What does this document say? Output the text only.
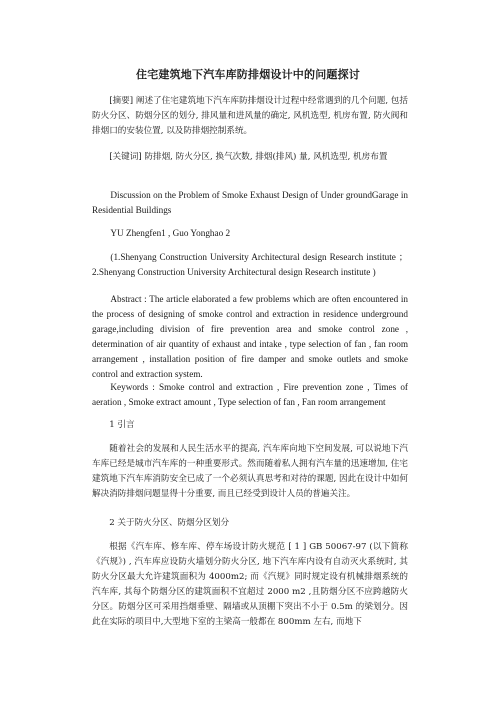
住宅建筑地下汽车库防排烟设计中的问题探讨

[摘要] 阐述了住宅建筑地下汽车库防排烟设计过程中经常遇到的几个问题, 包括防火分区、防烟分区的划分, 排风量和进风量的确定, 风机选型, 机房布置, 防火阀和排烟口的安装位置, 以及防排烟控制系统。

[关键词] 防排烟, 防火分区, 换气次数, 排烟(排风) 量, 风机选型, 机房布置

Discussion on the Problem of Smoke Exhaust Design of Under groundGarage in Residential Buildings

YU Zhengfen1 , Guo Yonghao 2

(1.Shenyang Construction University Architectural design Research institute ；2.Shenyang Construction University Architectural design Research institute )

Abstract : The article elaborated a few problems which are often encountered in the process of designing of smoke control and extraction in residence underground garage,including division of fire prevention area and smoke control zone , determination of air quantity of exhaust and intake , type selection of fan , fan room arrangement , installation position of fire damper and smoke outlets and smoke control and extraction system.

Keywords : Smoke control and extraction , Fire prevention zone , Times of aeration , Smoke extract amount , Type selection of fan , Fan room arrangement

1 引言

随着社会的发展和人民生活水平的提高, 汽车库向地下空间发展, 可以说地下汽车库已经是城市汽车库的一种重要形式。然而随着私人拥有汽车量的迅速增加, 住宅建筑地下汽车库消防安全已成了一个必须认真思考和对待的课题, 因此在设计中如何解决消防排烟问题显得十分重要, 而且已经受到设计人员的普遍关注。

2 关于防火分区、防烟分区划分

根据《汽车库、修车库、停车场设计防火规范 [ 1 ] GB 50067-97 (以下简称《汽规》) , 汽车库应设防火墙划分防火分区, 地下汽车库内设有自动灭火系统时, 其防火分区最大允许建筑面积为 4000m2; 而《汽规》同时规定设有机械排烟系统的汽车库, 其每个防烟分区的建筑面积不宜超过 2000 m2 ,且防烟分区不应跨越防火分区。防烟分区可采用挡烟垂壁、隔墙或从顶棚下突出不小于 0.5m 的梁划分。因此在实际的项目中,大型地下室的主梁高一般都在 800mm 左右, 而地下
